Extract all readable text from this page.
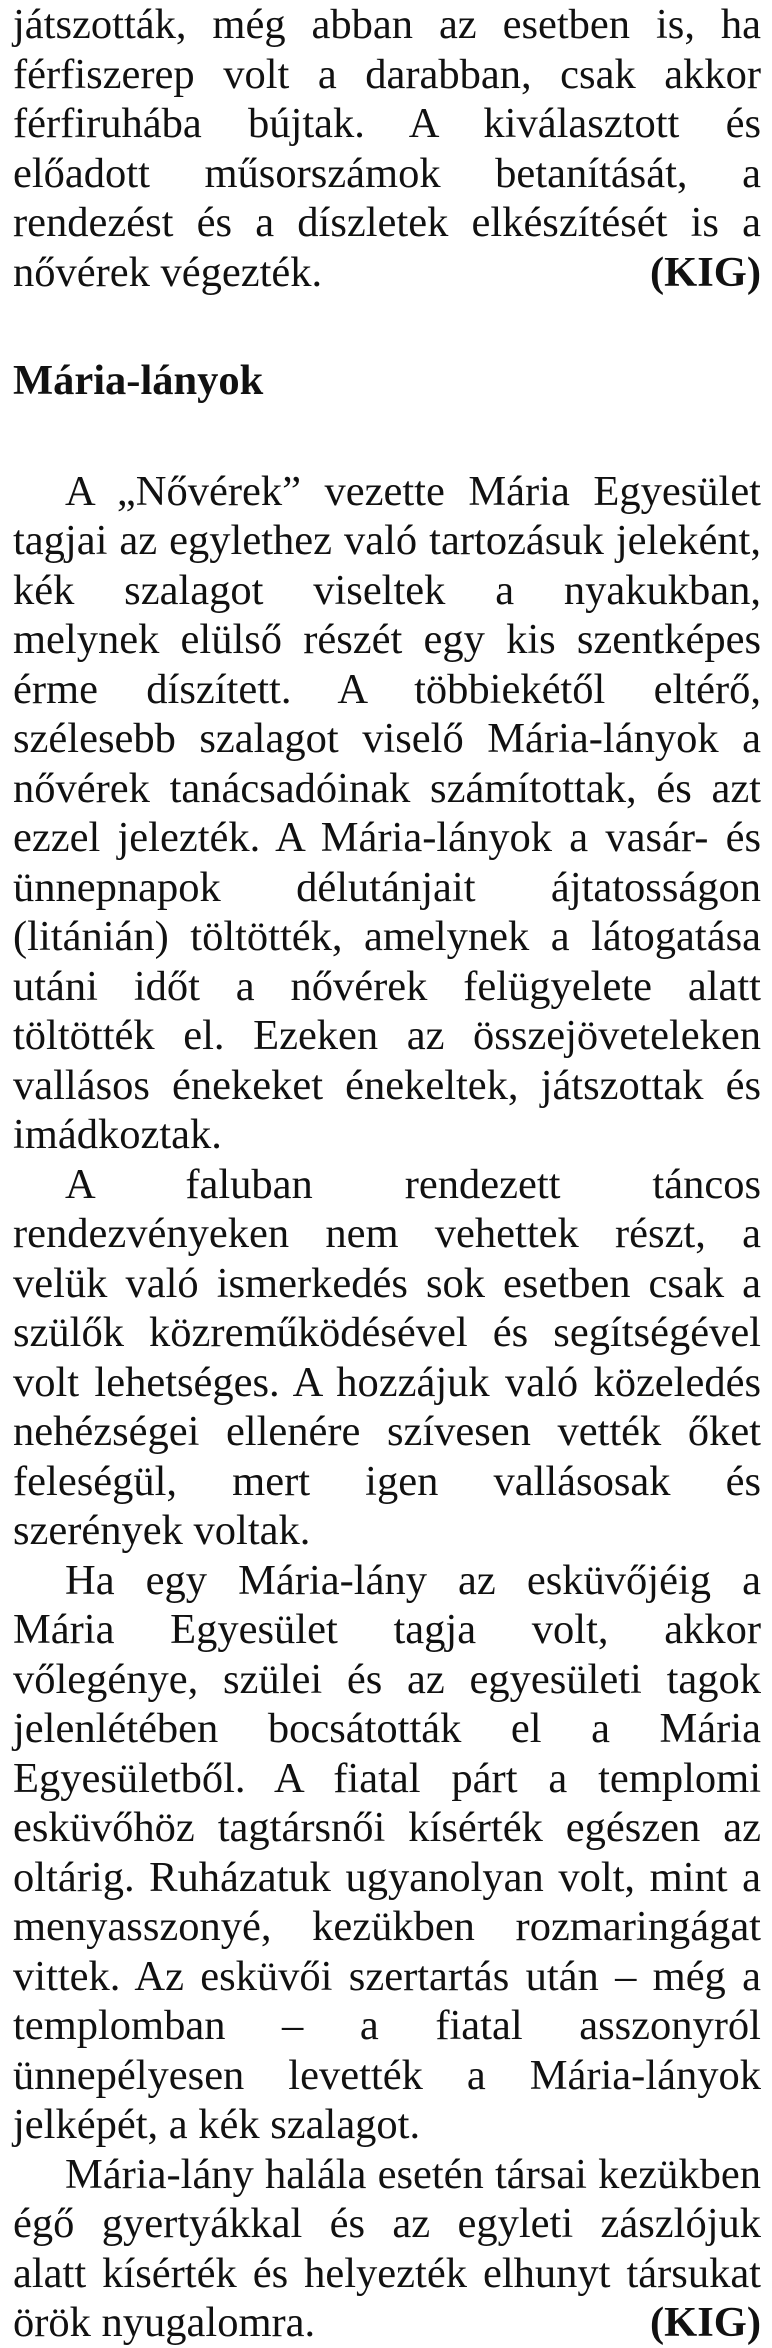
játszották, még abban az esetben is, ha férfiszerep volt a darabban, csak akkor férfiruhába bújtak. A kiválasztott és előadott műsorszámok betanítását, a rendezést és a díszletek elkészítését is a nővérek végezték.	(KIG)

Mária-lányok

A „Nővérek” vezette Mária Egyesület tagjai az egylethez való tartozásuk jeleként, kék szalagot viseltek a nyakukban, melynek elülső részét egy kis szentképes érme díszített. A többiekétől eltérő, szélesebb szalagot viselő Mária-lányok a nővérek tanácsadóinak számítottak, és azt ezzel jelezték. A Mária-lányok a vasár- és ünnepnapok délutánjait ájtatosságon (litánián) töltötték, amelynek a látogatása utáni időt a nővérek felügyelete alatt töltötték el. Ezeken az összejöveteleken vallásos énekeket énekeltek, játszottak és imádkoztak.

A faluban rendezett táncos rendezvényeken nem vehettek részt, a velük való ismerkedés sok esetben csak a szülők közreműködésével és segítségével volt lehetséges. A hozzájuk való közeledés nehézségei ellenére szívesen vették őket feleségül, mert igen vallásosak és szerények voltak.

Ha egy Mária-lány az esküvőjéig a Mária Egyesület tagja volt, akkor vőlegénye, szülei és az egyesületi tagok jelenlétében bocsátották el a Mária Egyesületből. A fiatal párt a templomi esküvőhöz tagtársnői kísérték egészen az oltárig. Ruházatuk ugyanolyan volt, mint a menyasszonyé, kezükben rozmaringágat vittek. Az esküvői szertartás után – még a templomban – a fiatal asszonyról ünnepélyesen levették a Mária-lányok jelképét, a kék szalagot.

Mária-lány halála esetén társai kezükben égő gyertyákkal és az egyleti zászlójuk alatt kísérték és helyezték elhunyt társukat örök nyugalomra.	(KIG)
